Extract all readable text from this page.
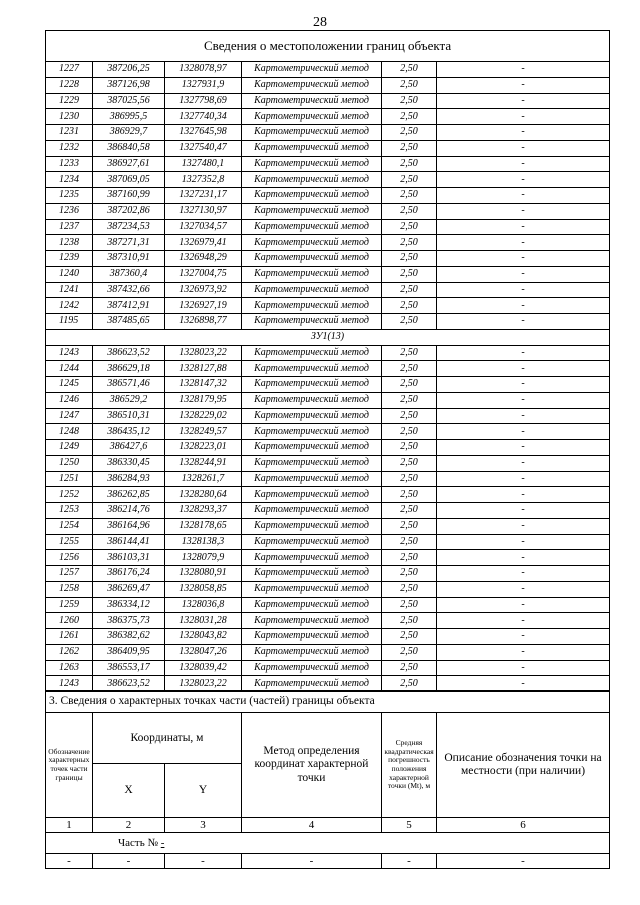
28
Сведения о местоположении границ объекта					
1227	387206,25	1328078,97	Картометрический метод	2,50	-
1228	387126,98	1327931,9	Картометрический метод	2,50	-
1229	387025,56	1327798,69	Картометрический метод	2,50	-
1230	386995,5	1327740,34	Картометрический метод	2,50	-
1231	386929,7	1327645,98	Картометрический метод	2,50	-
1232	386840,58	1327540,47	Картометрический метод	2,50	-
1233	386927,61	1327480,1	Картометрический метод	2,50	-
1234	387069,05	1327352,8	Картометрический метод	2,50	-
1235	387160,99	1327231,17	Картометрический метод	2,50	-
1236	387202,86	1327130,97	Картометрический метод	2,50	-
1237	387234,53	1327034,57	Картометрический метод	2,50	-
1238	387271,31	1326979,41	Картометрический метод	2,50	-
1239	387310,91	1326948,29	Картометрический метод	2,50	-
1240	387360,4	1327004,75	Картометрический метод	2,50	-
1241	387432,66	1326973,92	Картометрический метод	2,50	-
1242	387412,91	1326927,19	Картометрический метод	2,50	-
1195	387485,65	1326898,77	Картометрический метод	2,50	-
ЗУ1(13)					
1243	386623,52	1328023,22	Картометрический метод	2,50	-
1244	386629,18	1328127,88	Картометрический метод	2,50	-
1245	386571,46	1328147,32	Картометрический метод	2,50	-
1246	386529,2	1328179,95	Картометрический метод	2,50	-
1247	386510,31	1328229,02	Картометрический метод	2,50	-
1248	386435,12	1328249,57	Картометрический метод	2,50	-
1249	386427,6	1328223,01	Картометрический метод	2,50	-
1250	386330,45	1328244,91	Картометрический метод	2,50	-
1251	386284,93	1328261,7	Картометрический метод	2,50	-
1252	386262,85	1328280,64	Картометрический метод	2,50	-
1253	386214,76	1328293,37	Картометрический метод	2,50	-
1254	386164,96	1328178,65	Картометрический метод	2,50	-
1255	386144,41	1328138,3	Картометрический метод	2,50	-
1256	386103,31	1328079,9	Картометрический метод	2,50	-
1257	386176,24	1328080,91	Картометрический метод	2,50	-
1258	386269,47	1328058,85	Картометрический метод	2,50	-
1259	386334,12	1328036,8	Картометрический метод	2,50	-
1260	386375,73	1328031,28	Картометрический метод	2,50	-
1261	386382,62	1328043,82	Картометрический метод	2,50	-
1262	386409,95	1328047,26	Картометрический метод	2,50	-
1263	386553,17	1328039,42	Картометрический метод	2,50	-
1243	386623,52	1328023,22	Картометрический метод	2,50	-
3. Сведения о характерных точках части (частей) границы объекта					
Обозначение характерных точек части границы	Координаты, м		Метод определения координат характерной точки	Средняя квадратическая погрешность положения характерной точки (Mt), м	Описание обозначения точки на местности (при наличии)
	X	Y			
1	2	3	4	5	6
Часть № -					
-	-	-	-	-	-
